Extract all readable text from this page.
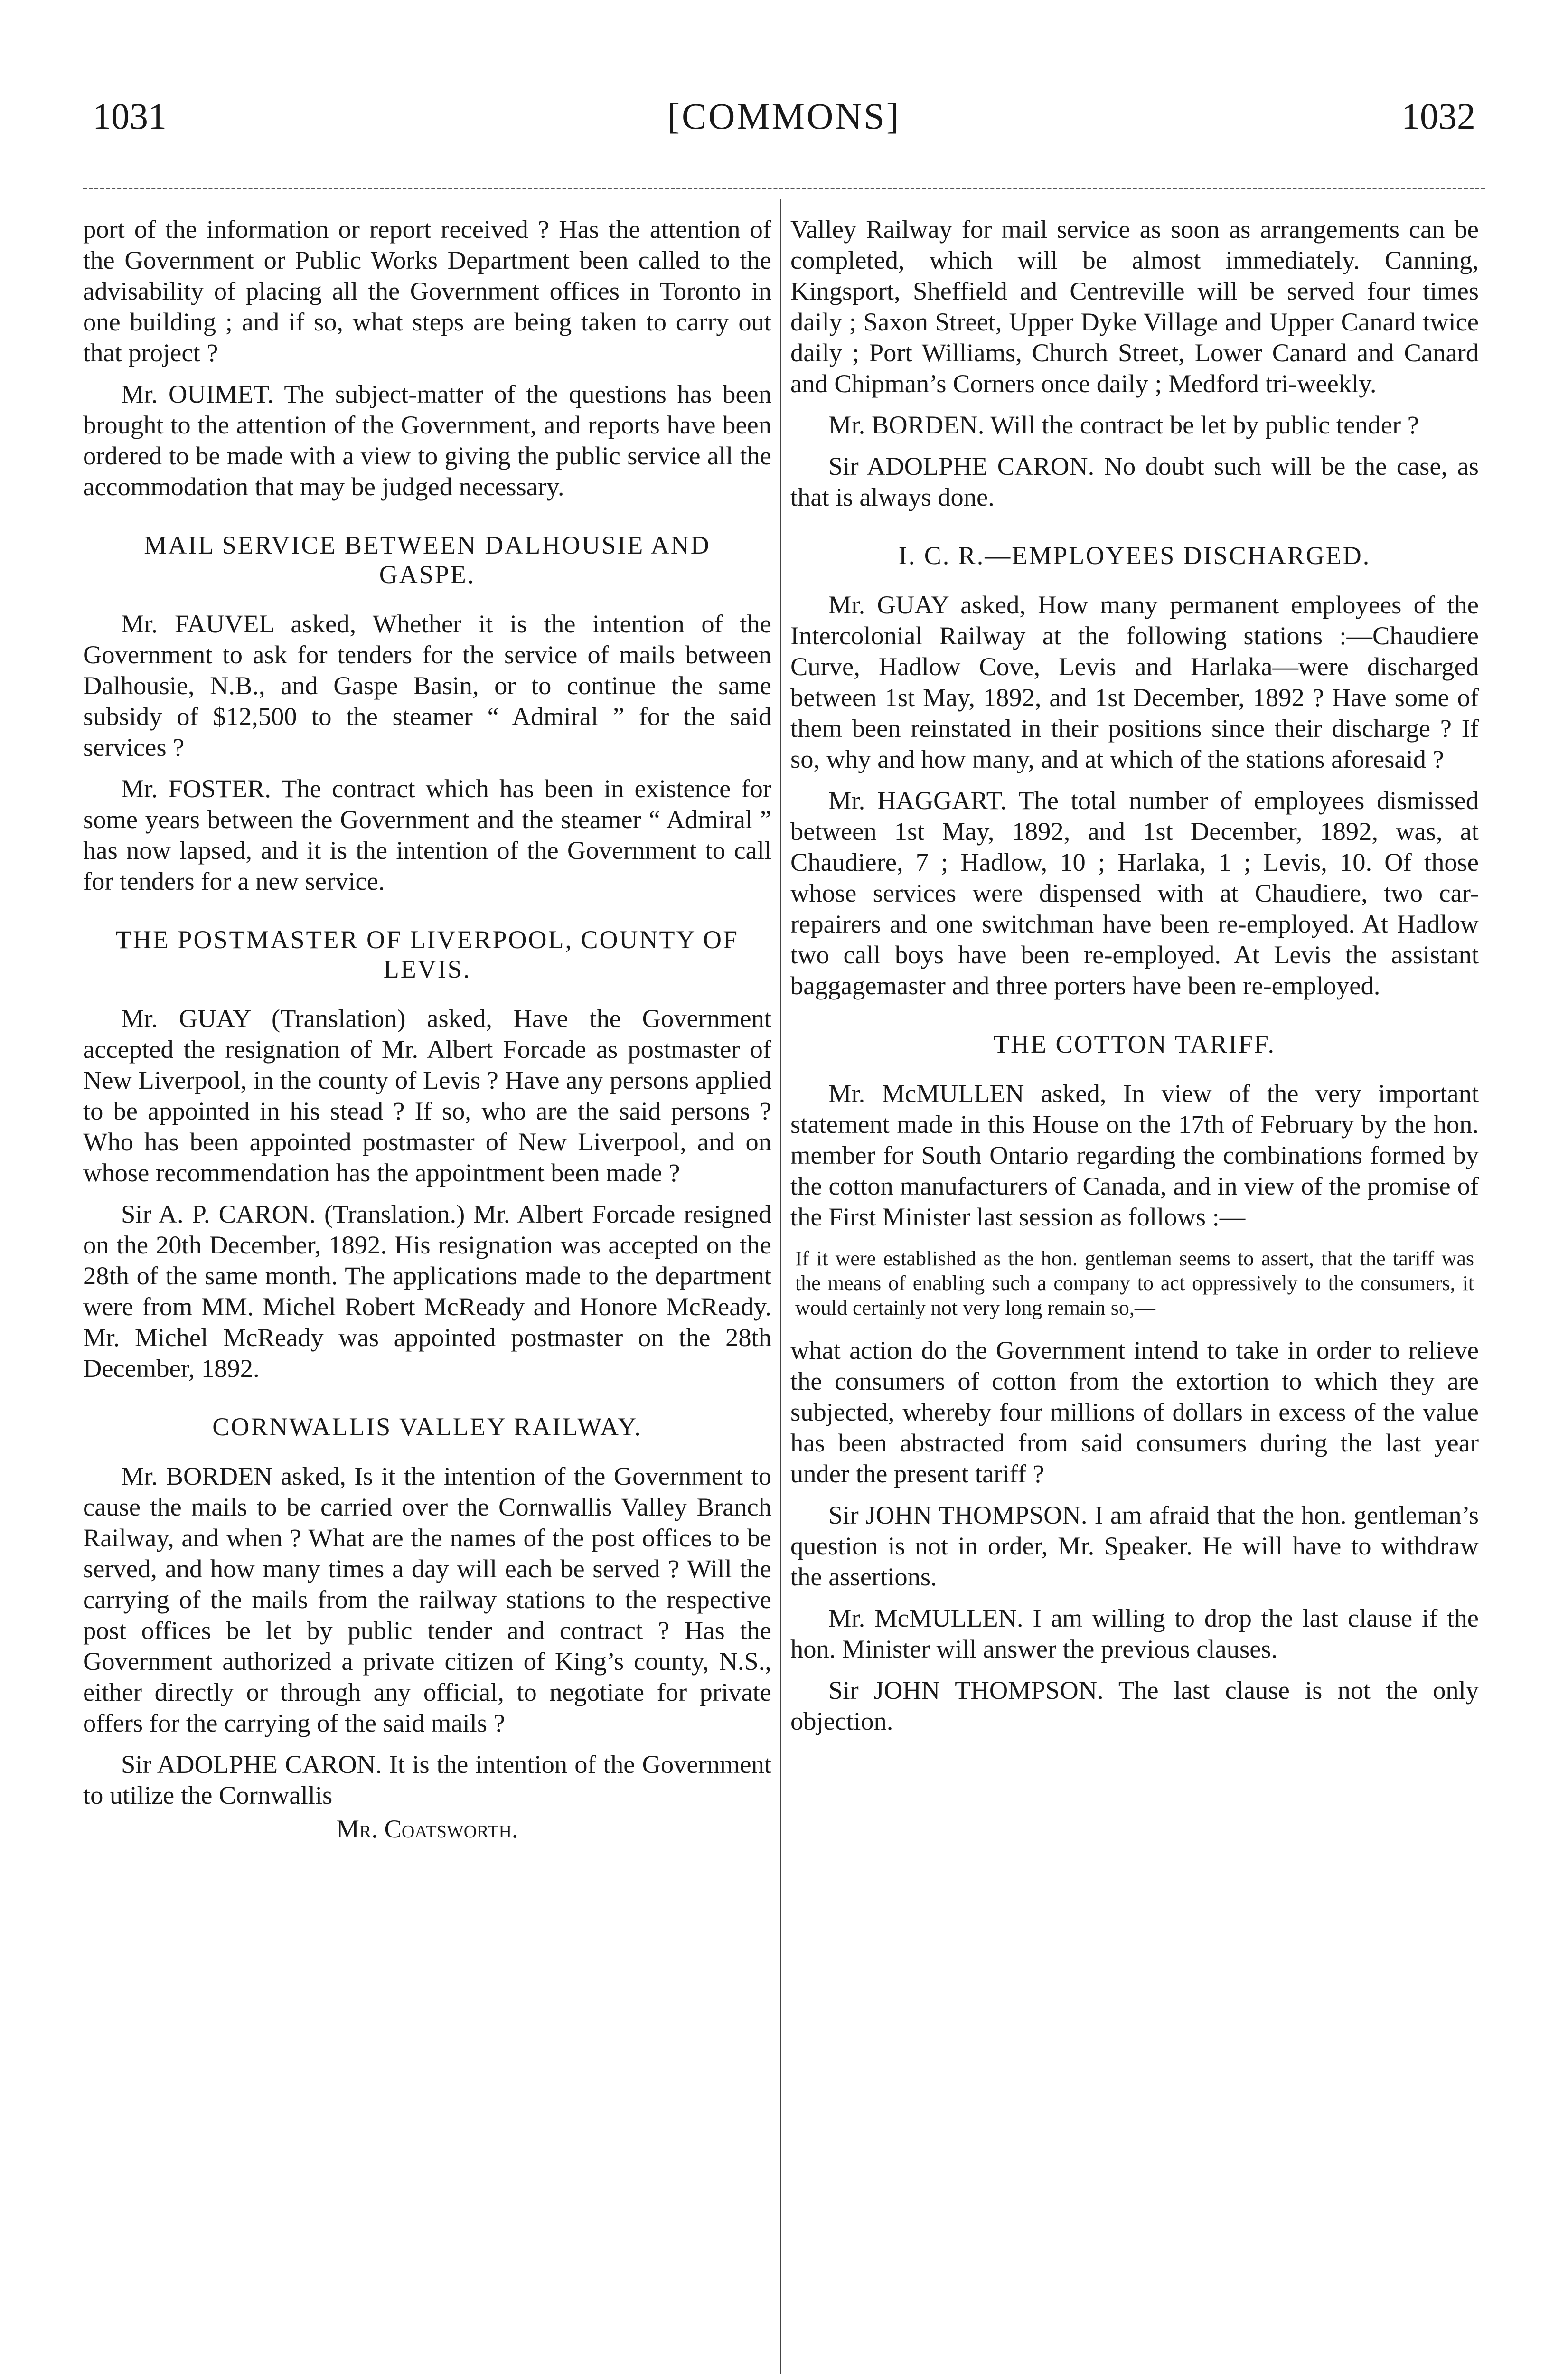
1031	[COMMONS]	1032

port of the information or report received ? Has the attention of the Government or Public Works Department been called to the advisability of placing all the Government offices in Toronto in one building ; and if so, what steps are being taken to carry out that project ?

Mr. OUIMET. The subject-matter of the questions has been brought to the attention of the Government, and reports have been ordered to be made with a view to giving the public service all the accommodation that may be judged necessary.

MAIL SERVICE BETWEEN DALHOUSIE AND GASPE.

Mr. FAUVEL asked, Whether it is the intention of the Government to ask for tenders for the service of mails between Dalhousie, N.B., and Gaspe Basin, or to continue the same subsidy of $12,500 to the steamer “ Admiral ” for the said services ?

Mr. FOSTER. The contract which has been in existence for some years between the Government and the steamer “ Admiral ” has now lapsed, and it is the intention of the Government to call for tenders for a new service.

THE POSTMASTER OF LIVERPOOL, COUNTY OF LEVIS.

Mr. GUAY (Translation) asked, Have the Government accepted the resignation of Mr. Albert Forcade as postmaster of New Liverpool, in the county of Levis ? Have any persons applied to be appointed in his stead ? If so, who are the said persons ? Who has been appointed postmaster of New Liverpool, and on whose recommendation has the appointment been made ?

Sir A. P. CARON. (Translation.) Mr. Albert Forcade resigned on the 20th December, 1892. His resignation was accepted on the 28th of the same month. The applications made to the department were from MM. Michel Robert McReady and Honore McReady. Mr. Michel McReady was appointed postmaster on the 28th December, 1892.

CORNWALLIS VALLEY RAILWAY.

Mr. BORDEN asked, Is it the intention of the Government to cause the mails to be carried over the Cornwallis Valley Branch Railway, and when ? What are the names of the post offices to be served, and how many times a day will each be served ? Will the carrying of the mails from the railway stations to the respective post offices be let by public tender and contract ? Has the Government authorized a private citizen of King’s county, N.S., either directly or through any official, to negotiate for private offers for the carrying of the said mails ?

Sir ADOLPHE CARON. It is the intention of the Government to utilize the Cornwallis

Mr. Coatsworth.

Valley Railway for mail service as soon as arrangements can be completed, which will be almost immediately. Canning, Kingsport, Sheffield and Centreville will be served four times daily ; Saxon Street, Upper Dyke Village and Upper Canard twice daily ; Port Williams, Church Street, Lower Canard and Canard and Chipman’s Corners once daily ; Medford tri-weekly.

Mr. BORDEN. Will the contract be let by public tender ?

Sir ADOLPHE CARON. No doubt such will be the case, as that is always done.

I. C. R.—EMPLOYEES DISCHARGED.

Mr. GUAY asked, How many permanent employees of the Intercolonial Railway at the following stations :—Chaudiere Curve, Hadlow Cove, Levis and Harlaka—were discharged between 1st May, 1892, and 1st December, 1892 ? Have some of them been reinstated in their positions since their discharge ? If so, why and how many, and at which of the stations aforesaid ?

Mr. HAGGART. The total number of employees dismissed between 1st May, 1892, and 1st December, 1892, was, at Chaudiere, 7 ; Hadlow, 10 ; Harlaka, 1 ; Levis, 10. Of those whose services were dispensed with at Chaudiere, two car-repairers and one switchman have been re-employed. At Hadlow two call boys have been re-employed. At Levis the assistant baggagemaster and three porters have been re-employed.

THE COTTON TARIFF.

Mr. McMULLEN asked, In view of the very important statement made in this House on the 17th of February by the hon. member for South Ontario regarding the combinations formed by the cotton manufacturers of Canada, and in view of the promise of the First Minister last session as follows :—

If it were established as the hon. gentleman seems to assert, that the tariff was the means of enabling such a company to act oppressively to the consumers, it would certainly not very long remain so,—

what action do the Government intend to take in order to relieve the consumers of cotton from the extortion to which they are subjected, whereby four millions of dollars in excess of the value has been abstracted from said consumers during the last year under the present tariff ?

Sir JOHN THOMPSON. I am afraid that the hon. gentleman’s question is not in order, Mr. Speaker. He will have to withdraw the assertions.

Mr. McMULLEN. I am willing to drop the last clause if the hon. Minister will answer the previous clauses.

Sir JOHN THOMPSON. The last clause is not the only objection.
